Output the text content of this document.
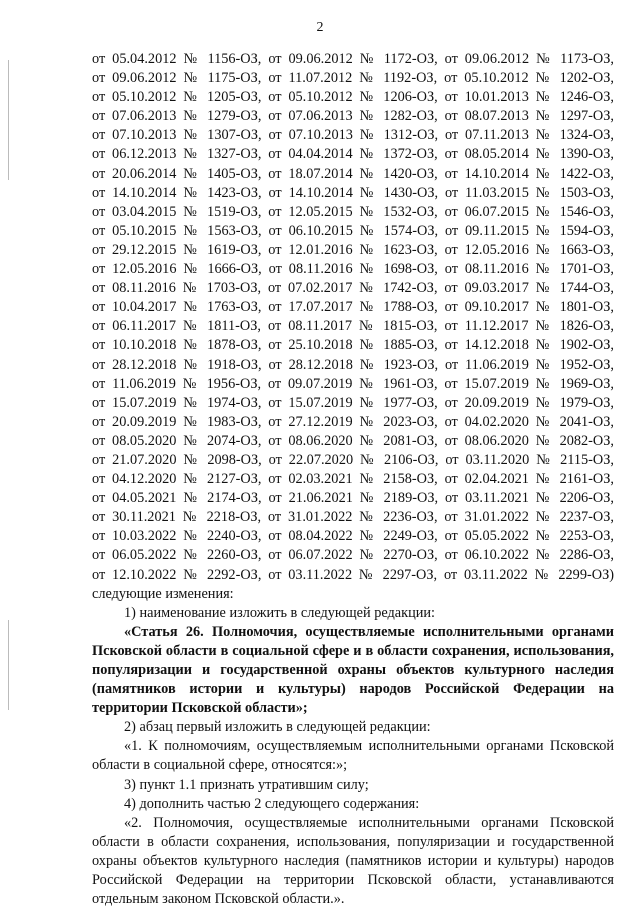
2
от 05.04.2012 № 1156-ОЗ, от 09.06.2012 № 1172-ОЗ, от 09.06.2012 № 1173-ОЗ,
от 09.06.2012 № 1175-ОЗ, от 11.07.2012 № 1192-ОЗ, от 05.10.2012 № 1202-ОЗ,
от 05.10.2012 № 1205-ОЗ, от 05.10.2012 № 1206-ОЗ, от 10.01.2013 № 1246-ОЗ,
от 07.06.2013 № 1279-ОЗ, от 07.06.2013 № 1282-ОЗ, от 08.07.2013 № 1297-ОЗ,
от 07.10.2013 № 1307-ОЗ, от 07.10.2013 № 1312-ОЗ, от 07.11.2013 № 1324-ОЗ,
от 06.12.2013 № 1327-ОЗ, от 04.04.2014 № 1372-ОЗ, от 08.05.2014 № 1390-ОЗ,
от 20.06.2014 № 1405-ОЗ, от 18.07.2014 № 1420-ОЗ, от 14.10.2014 № 1422-ОЗ,
от 14.10.2014 № 1423-ОЗ, от 14.10.2014 № 1430-ОЗ, от 11.03.2015 № 1503-ОЗ,
от 03.04.2015 № 1519-ОЗ, от 12.05.2015 № 1532-ОЗ, от 06.07.2015 № 1546-ОЗ,
от 05.10.2015 № 1563-ОЗ, от 06.10.2015 № 1574-ОЗ, от 09.11.2015 № 1594-ОЗ,
от 29.12.2015 № 1619-ОЗ, от 12.01.2016 № 1623-ОЗ, от 12.05.2016 № 1663-ОЗ,
от 12.05.2016 № 1666-ОЗ, от 08.11.2016 № 1698-ОЗ, от 08.11.2016 № 1701-ОЗ,
от 08.11.2016 № 1703-ОЗ, от 07.02.2017 № 1742-ОЗ, от 09.03.2017 № 1744-ОЗ,
от 10.04.2017 № 1763-ОЗ, от 17.07.2017 № 1788-ОЗ, от 09.10.2017 № 1801-ОЗ,
от 06.11.2017 № 1811-ОЗ, от 08.11.2017 № 1815-ОЗ, от 11.12.2017 № 1826-ОЗ,
от 10.10.2018 № 1878-ОЗ, от 25.10.2018 № 1885-ОЗ, от 14.12.2018 № 1902-ОЗ,
от 28.12.2018 № 1918-ОЗ, от 28.12.2018 № 1923-ОЗ, от 11.06.2019 № 1952-ОЗ,
от 11.06.2019 № 1956-ОЗ, от 09.07.2019 № 1961-ОЗ, от 15.07.2019 № 1969-ОЗ,
от 15.07.2019 № 1974-ОЗ, от 15.07.2019 № 1977-ОЗ, от 20.09.2019 № 1979-ОЗ,
от 20.09.2019 № 1983-ОЗ, от 27.12.2019 № 2023-ОЗ, от 04.02.2020 № 2041-ОЗ,
от 08.05.2020 № 2074-ОЗ, от 08.06.2020 № 2081-ОЗ, от 08.06.2020 № 2082-ОЗ,
от 21.07.2020 № 2098-ОЗ, от 22.07.2020 № 2106-ОЗ, от 03.11.2020 № 2115-ОЗ,
от 04.12.2020 № 2127-ОЗ, от 02.03.2021 № 2158-ОЗ, от 02.04.2021 № 2161-ОЗ,
от 04.05.2021 № 2174-ОЗ, от 21.06.2021 № 2189-ОЗ, от 03.11.2021 № 2206-ОЗ,
от 30.11.2021 № 2218-ОЗ, от 31.01.2022 № 2236-ОЗ, от 31.01.2022 № 2237-ОЗ,
от 10.03.2022 № 2240-ОЗ, от 08.04.2022 № 2249-ОЗ, от 05.05.2022 № 2253-ОЗ,
от 06.05.2022 № 2260-ОЗ, от 06.07.2022 № 2270-ОЗ, от 06.10.2022 № 2286-ОЗ,
от 12.10.2022 № 2292-ОЗ, от 03.11.2022 № 2297-ОЗ, от 03.11.2022 № 2299-ОЗ)
следующие изменения:

1) наименование изложить в следующей редакции:

«Статья 26. Полномочия, осуществляемые исполнительными органами Псковской области в социальной сфере и в области сохранения, использования, популяризации и государственной охраны объектов культурного наследия (памятников истории и культуры) народов Российской Федерации на территории Псковской области»;

2) абзац первый изложить в следующей редакции:

«1. К полномочиям, осуществляемым исполнительными органами Псковской области в социальной сфере, относятся:»;

3) пункт 1.1 признать утратившим силу;

4) дополнить частью 2 следующего содержания:

«2. Полномочия, осуществляемые исполнительными органами Псковской области в области сохранения, использования, популяризации и государственной охраны объектов культурного наследия (памятников истории и культуры) народов Российской Федерации на территории Псковской области, устанавливаются отдельным законом Псковской области.».
